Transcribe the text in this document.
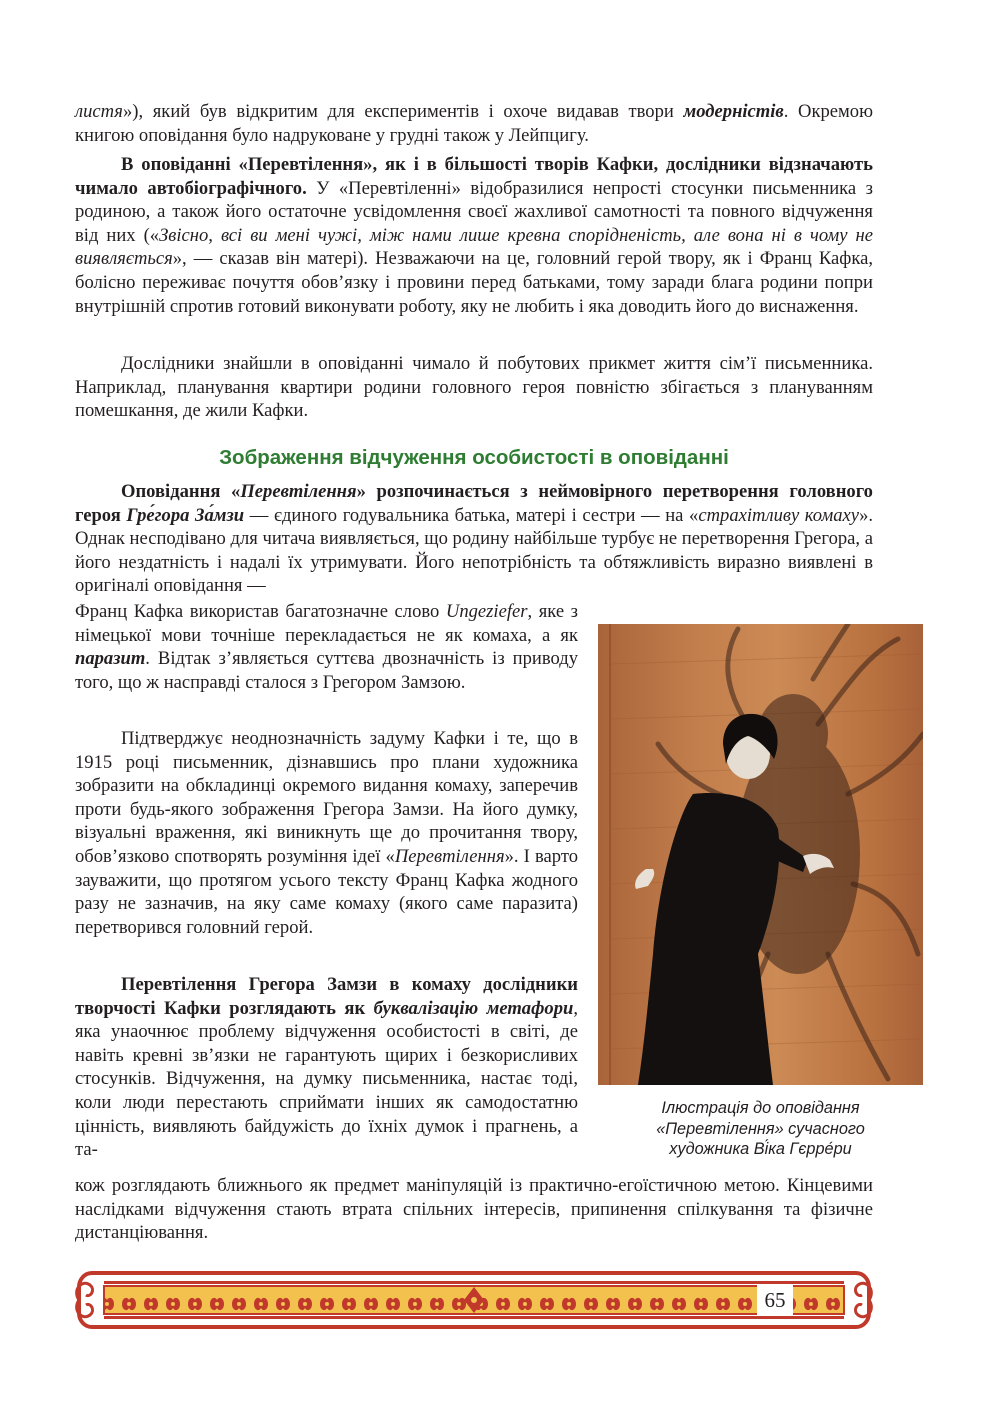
листя»), який був відкритим для експериментів і охоче видавав твори модерністів. Окремою книгою оповідання було надруковане у грудні також у Лейпцигу.

В оповіданні «Перевтілення», як і в більшості творів Кафки, дослідники відзначають чимало автобіографічного. У «Перевтіленні» відобразилися непрості стосунки письменника з родиною, а також його остаточне усвідомлення своєї жахливої самотності та повного відчуження від них («Звісно, всі ви мені чужі, між нами лише кревна спорідненість, але вона ні в чому не виявляється», — сказав він матері). Незважаючи на це, головний герой твору, як і Франц Кафка, болісно переживає почуття обов’язку і провини перед батьками, тому заради блага родини попри внутрішній спротив готовий виконувати роботу, яку не любить і яка доводить його до виснаження.

Дослідники знайшли в оповіданні чимало й побутових прикмет життя сім’ї письменника. Наприклад, планування квартири родини головного героя повністю збігається з плануванням помешкання, де жили Кафки.

Зображення відчуження особистості в оповіданні

Оповідання «Перевтілення» розпочинається з неймовірного перетворення головного героя Гре́гора За́мзи — єдиного годувальника батька, матері і сестри — на «страхітливу комаху». Однак несподівано для читача виявляється, що родину найбільше турбує не перетворення Грегора, а його нездатність і надалі їх утримувати. Його непотрібність та обтяжливість виразно виявлені в оригіналі оповідання —

Франц Кафка використав багатозначне слово Ungeziefer, яке з німецької мови точніше перекладається не як комаха, а як паразит. Відтак з’являється суттєва двозначність із приводу того, що ж насправді сталося з Грегором Замзою.

Підтверджує неоднозначність задуму Кафки і те, що в 1915 році письменник, дізнавшись про плани художника зобразити на обкладинці окремого видання комаху, заперечив проти будь-якого зображення Грегора Замзи. На його думку, візуальні враження, які виникнуть ще до прочитання твору, обов’язково спотворять розуміння ідеї «Перевтілення». І варто зауважити, що протягом усього тексту Франц Кафка жодного разу не зазначив, на яку саме комаху (якого саме паразита) перетворився головний герой.

Перевтілення Грегора Замзи в комаху дослідники творчості Кафки розглядають як буквалізацію метафори, яка унаочнює проблему відчуження особистості в світі, де навіть кревні зв’язки не гарантують щирих і безкорисливих стосунків. Відчуження, на думку письменника, настає тоді, коли люди перестають сприймати інших як самодостатню цінність, виявляють байдужість до їхніх думок і прагнень, а та-

кож розглядають ближнього як предмет маніпуляцій із практично-егоїстичною метою. Кінцевими наслідками відчуження стають втрата спільних інтересів, припинення спілкування та фізичне дистанціювання.

Ілюстрація до оповідання
«Перевтілення» сучасного
художника Ві́ка Гєрре́ри

65
